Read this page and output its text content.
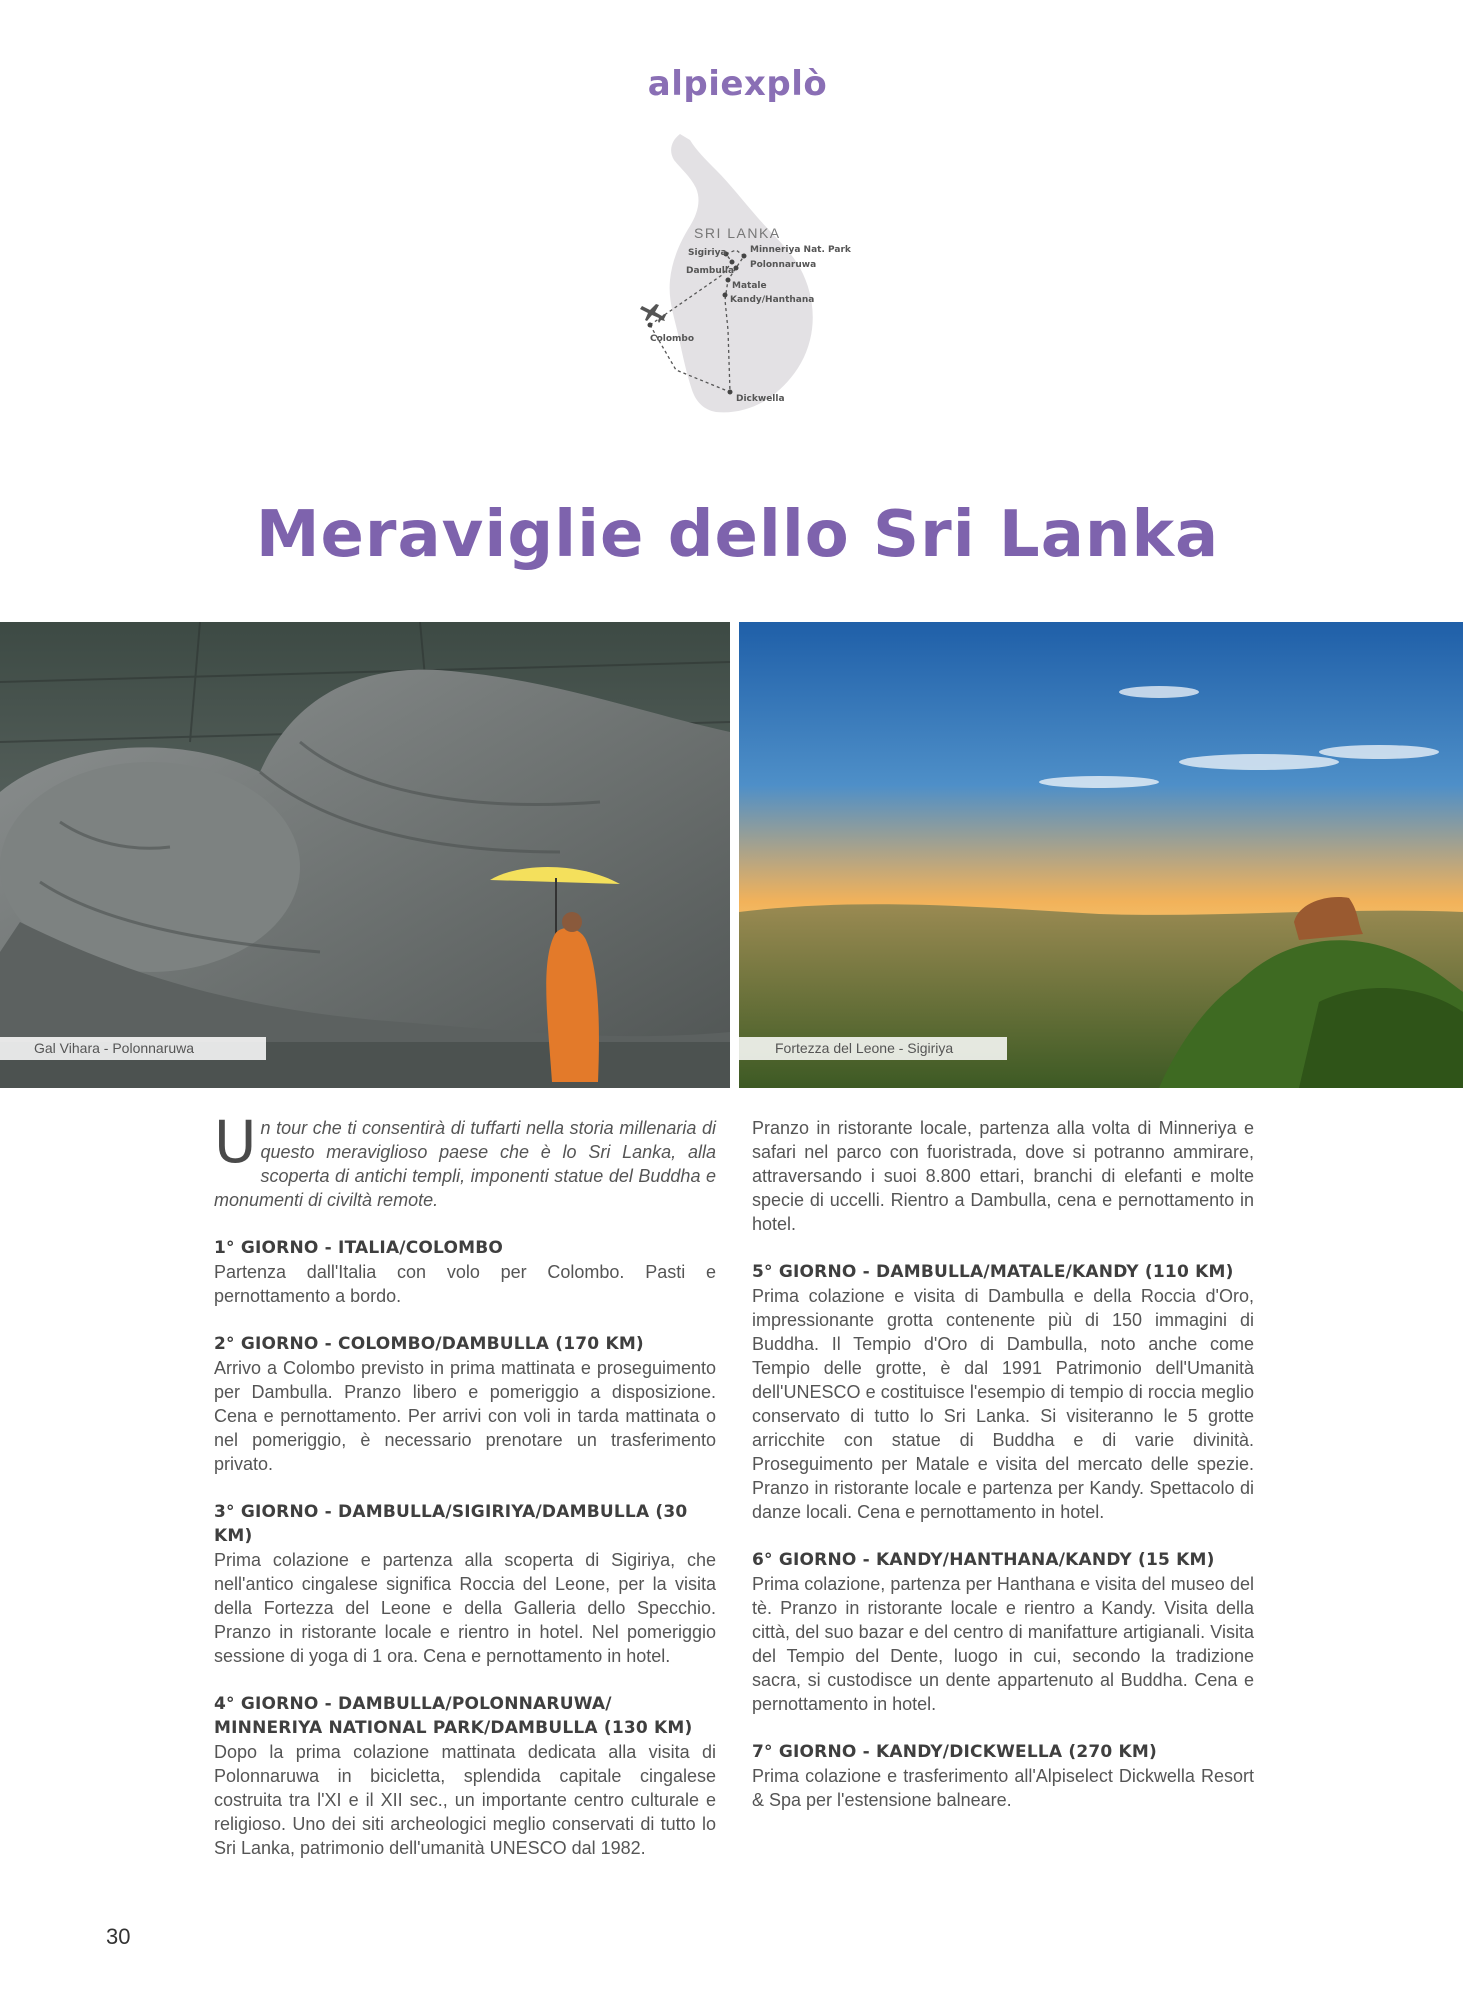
alpiexplò
SRI LANKA
Sigiriya	Minneriya Nat. Park
Dambulla
Polonnaruwa
Matale
Kandy/Hanthana
Colombo
Dickwella
Meraviglie dello Sri Lanka
Gal Vihara - Polonnaruwa	Fortezza del Leone - Sigiriya

Un tour che ti consentirà di tuffarti nella storia millenaria di questo meraviglioso paese che è lo Sri Lanka, alla scoperta di antichi templi, imponenti statue del Buddha e monumenti di civiltà remote.

1° GIORNO - ITALIA/COLOMBO

Partenza dall'Italia con volo per Colombo. Pasti e pernottamento a bordo.

2° GIORNO - COLOMBO/DAMBULLA (170 KM)

Arrivo a Colombo previsto in prima mattinata e proseguimento per Dambulla. Pranzo libero e pomeriggio a disposizione. Cena e pernottamento. Per arrivi con voli in tarda mattinata o nel pomeriggio, è necessario prenotare un trasferimento privato.

3° GIORNO - DAMBULLA/SIGIRIYA/DAMBULLA (30 KM)

Prima colazione e partenza alla scoperta di Sigiriya, che nell'antico cingalese significa Roccia del Leone, per la visita della Fortezza del Leone e della Galleria dello Specchio. Pranzo in ristorante locale e rientro in hotel. Nel pomeriggio sessione di yoga di 1 ora. Cena e pernottamento in hotel.

4° GIORNO - DAMBULLA/POLONNARUWA/ MINNERIYA NATIONAL PARK/DAMBULLA (130 KM)

Dopo la prima colazione mattinata dedicata alla visita di Polonnaruwa in bicicletta, splendida capitale cingalese costruita tra l'XI e il XII sec., un importante centro culturale e religioso. Uno dei siti archeologici meglio conservati di tutto lo Sri Lanka, patrimonio dell'umanità UNESCO dal 1982.

Pranzo in ristorante locale, partenza alla volta di Minneriya e safari nel parco con fuoristrada, dove si potranno ammirare, attraversando i suoi 8.800 ettari, branchi di elefanti e molte specie di uccelli. Rientro a Dambulla, cena e pernottamento in hotel.

5° GIORNO - DAMBULLA/MATALE/KANDY (110 KM)

Prima colazione e visita di Dambulla e della Roccia d'Oro, impressionante grotta contenente più di 150 immagini di Buddha. Il Tempio d'Oro di Dambulla, noto anche come Tempio delle grotte, è dal 1991 Patrimonio dell'Umanità dell'UNESCO e costituisce l'esempio di tempio di roccia meglio conservato di tutto lo Sri Lanka. Si visiteranno le 5 grotte arricchite con statue di Buddha e di varie divinità. Proseguimento per Matale e visita del mercato delle spezie. Pranzo in ristorante locale e partenza per Kandy. Spettacolo di danze locali. Cena e pernottamento in hotel.

6° GIORNO - KANDY/HANTHANA/KANDY (15 KM)

Prima colazione, partenza per Hanthana e visita del museo del tè. Pranzo in ristorante locale e rientro a Kandy. Visita della città, del suo bazar e del centro di manifatture artigianali. Visita del Tempio del Dente, luogo in cui, secondo la tradizione sacra, si custodisce un dente appartenuto al Buddha. Cena e pernottamento in hotel.

7° GIORNO - KANDY/DICKWELLA (270 KM)

Prima colazione e trasferimento all'Alpiselect Dickwella Resort & Spa per l'estensione balneare.

30
